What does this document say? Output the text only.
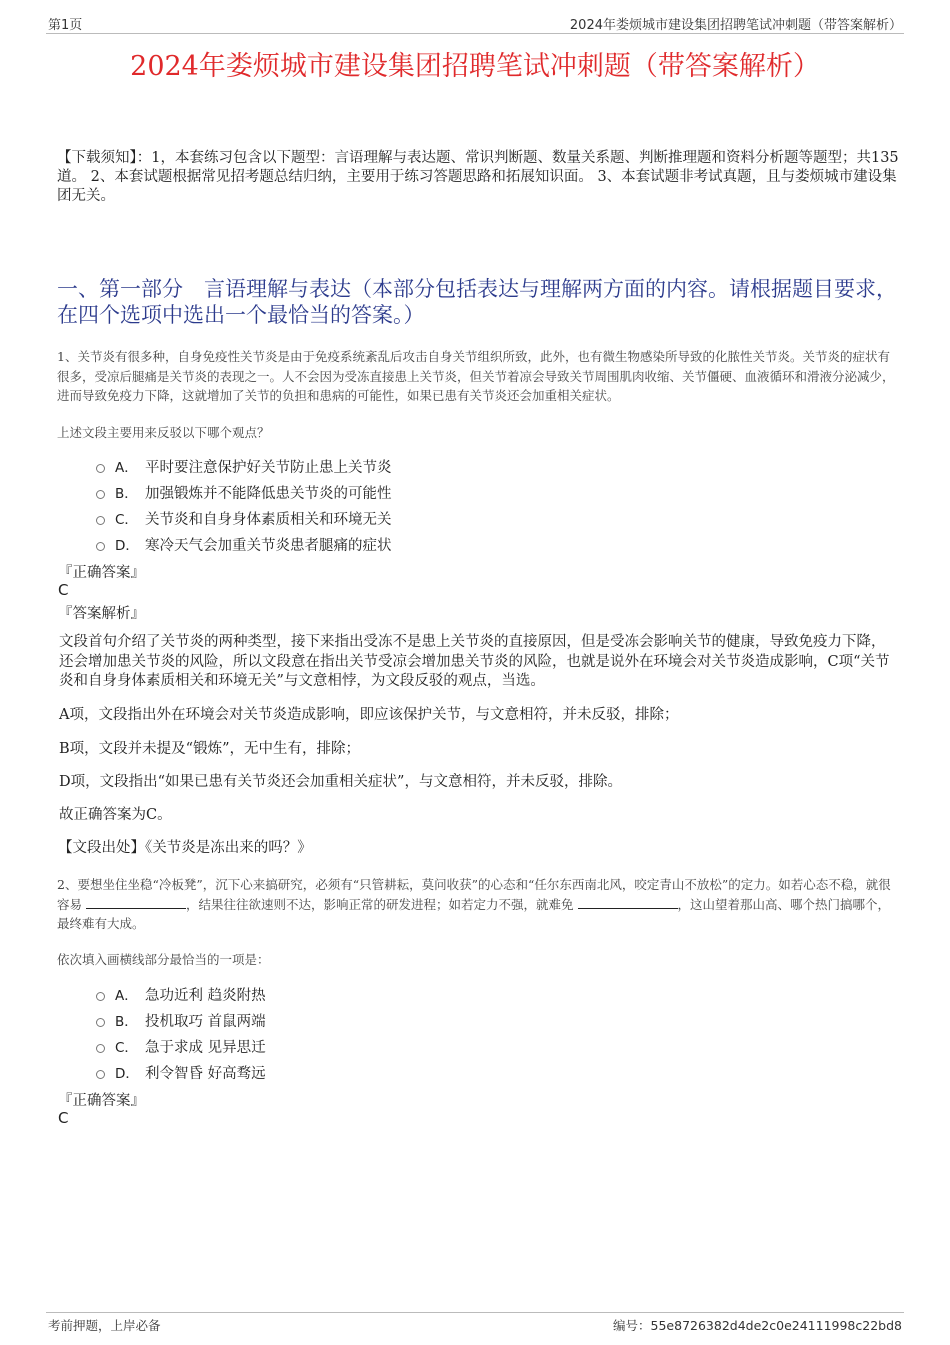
第1页	2024年娄烦城市建设集团招聘笔试冲刺题（带答案解析）
2024年娄烦城市建设集团招聘笔试冲刺题（带答案解析）
【下载须知】：1，本套练习包含以下题型：言语理解与表达题、常识判断题、数量关系题、判断推理题和资料分析题等题型；共135道。 2、本套试题根据常见招考题总结归纳，主要用于练习答题思路和拓展知识面。 3、本套试题非考试真题，且与娄烦城市建设集团无关。
一、第一部分　言语理解与表达（本部分包括表达与理解两方面的内容。请根据题目要求，在四个选项中选出一个最恰当的答案。）
1、关节炎有很多种，自身免疫性关节炎是由于免疫系统紊乱后攻击自身关节组织所致，此外，也有微生物感染所导致的化脓性关节炎。关节炎的症状有很多，受凉后腿痛是关节炎的表现之一。人不会因为受冻直接患上关节炎，但关节着凉会导致关节周围肌肉收缩、关节僵硬、血液循环和滑液分泌减少，进而导致免疫力下降，这就增加了关节的负担和患病的可能性，如果已患有关节炎还会加重相关症状。
上述文段主要用来反驳以下哪个观点？
A． 平时要注意保护好关节防止患上关节炎
B． 加强锻炼并不能降低患关节炎的可能性
C． 关节炎和自身身体素质相关和环境无关
D． 寒冷天气会加重关节炎患者腿痛的症状
『正确答案』
C
『答案解析』
文段首句介绍了关节炎的两种类型，接下来指出受冻不是患上关节炎的直接原因，但是受冻会影响关节的健康，导致免疫力下降，还会增加患关节炎的风险，所以文段意在指出关节受凉会增加患关节炎的风险，也就是说外在环境会对关节炎造成影响，C项“关节炎和自身身体素质相关和环境无关”与文意相悖，为文段反驳的观点，当选。
A项，文段指出外在环境会对关节炎造成影响，即应该保护关节，与文意相符，并未反驳，排除；
B项，文段并未提及“锻炼”，无中生有，排除；
D项，文段指出“如果已患有关节炎还会加重相关症状”，与文意相符，并未反驳，排除。
故正确答案为C。
【文段出处】《关节炎是冻出来的吗？》
2、要想坐住坐稳“冷板凳”，沉下心来搞研究，必须有“只管耕耘，莫问收获”的心态和“任尔东西南北风，咬定青山不放松”的定力。如若心态不稳，就很容易	，结果往往欲速则不达，影响正常的研发进程；如若定力不强，就难免	，这山望着那山高、哪个热门搞哪个，最终难有大成。
依次填入画横线部分最恰当的一项是：
A． 急功近利 趋炎附热
B． 投机取巧 首鼠两端
C． 急于求成 见异思迁
D． 利令智昏 好高骛远
『正确答案』
C
考前押题，上岸必备	编号：55e8726382d4de2c0e24111998c22bd8
